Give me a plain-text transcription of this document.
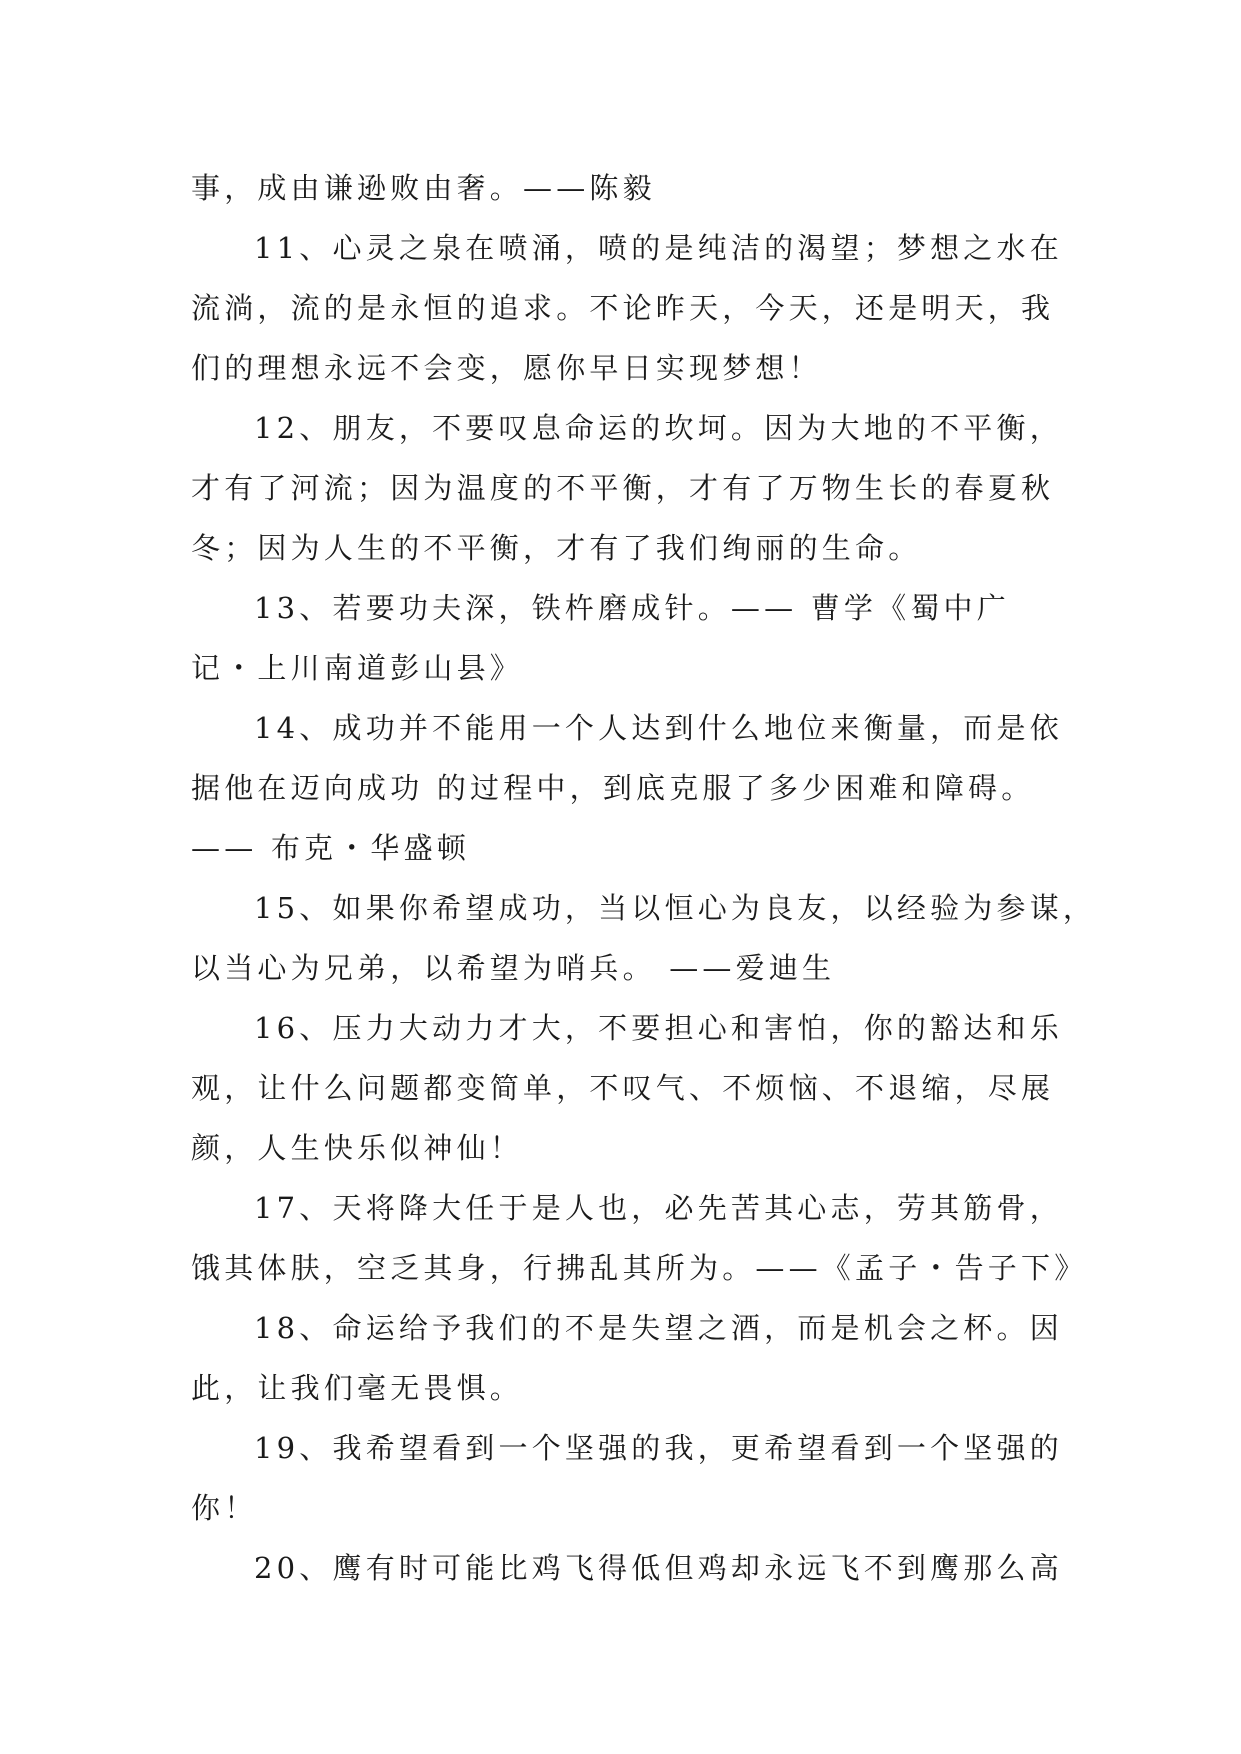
事，成由谦逊败由奢。——陈毅
11、心灵之泉在喷涌，喷的是纯洁的渴望；梦想之水在
流淌，流的是永恒的追求。不论昨天，今天，还是明天，我
们的理想永远不会变，愿你早日实现梦想！
12、朋友，不要叹息命运的坎坷。因为大地的不平衡，
才有了河流；因为温度的不平衡，才有了万物生长的春夏秋
冬；因为人生的不平衡，才有了我们绚丽的生命。
13、若要功夫深，铁杵磨成针。—— 曹学《蜀中广
记・上川南道彭山县》
14、成功并不能用一个人达到什么地位来衡量，而是依
据他在迈向成功 的过程中，到底克服了多少困难和障碍。
—— 布克・华盛顿
15、如果你希望成功，当以恒心为良友，以经验为参谋，
以当心为兄弟，以希望为哨兵。 ——爱迪生
16、压力大动力才大，不要担心和害怕，你的豁达和乐
观，让什么问题都变简单，不叹气、不烦恼、不退缩，尽展
颜，人生快乐似神仙！
17、天将降大任于是人也，必先苦其心志，劳其筋骨，
饿其体肤，空乏其身，行拂乱其所为。——《孟子・告子下》
18、命运给予我们的不是失望之酒，而是机会之杯。因
此，让我们毫无畏惧。
19、我希望看到一个坚强的我，更希望看到一个坚强的
你！
20、鹰有时可能比鸡飞得低但鸡却永远飞不到鹰那么高
